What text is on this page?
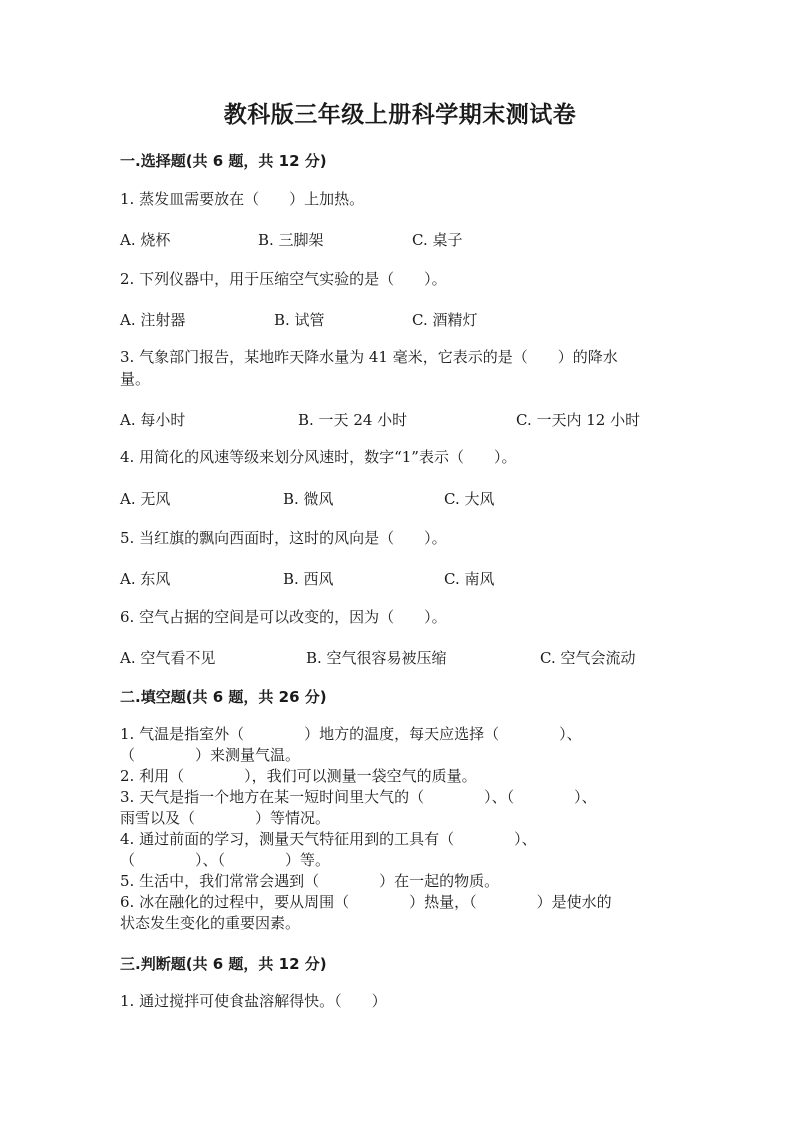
教科版三年级上册科学期末测试卷
一.选择题(共 6 题，共 12 分)
1. 蒸发皿需要放在（　　）上加热。
A. 烧杯	B. 三脚架	C. 桌子
2. 下列仪器中，用于压缩空气实验的是（　　）。
A. 注射器	B. 试管	C. 酒精灯
3. 气象部门报告，某地昨天降水量为 41 毫米，它表示的是（　　）的降水
量。
A. 每小时	B. 一天 24 小时	C. 一天内 12 小时
4. 用简化的风速等级来划分风速时，数字“1”表示（　　）。
A. 无风	B. 微风	C. 大风
5. 当红旗的飘向西面时，这时的风向是（　　）。
A. 东风	B. 西风	C. 南风
6. 空气占据的空间是可以改变的，因为（　　）。
A. 空气看不见	B. 空气很容易被压缩	C. 空气会流动
二.填空题(共 6 题，共 26 分)
1. 气温是指室外（　　　　）地方的温度，每天应选择（　　　　）、
（　　　　）来测量气温。
2. 利用（　　　　），我们可以测量一袋空气的质量。
3. 天气是指一个地方在某一短时间里大气的（　　　　）、（　　　　）、
雨雪以及（　　　　）等情况。
4. 通过前面的学习，测量天气特征用到的工具有（　　　　）、
（　　　　）、（　　　　）等。
5. 生活中，我们常常会遇到（　　　　）在一起的物质。
6. 冰在融化的过程中，要从周围（　　　　）热量，（　　　　）是使水的
状态发生变化的重要因素。
三.判断题(共 6 题，共 12 分)
1. 通过搅拌可使食盐溶解得快。（　　）
